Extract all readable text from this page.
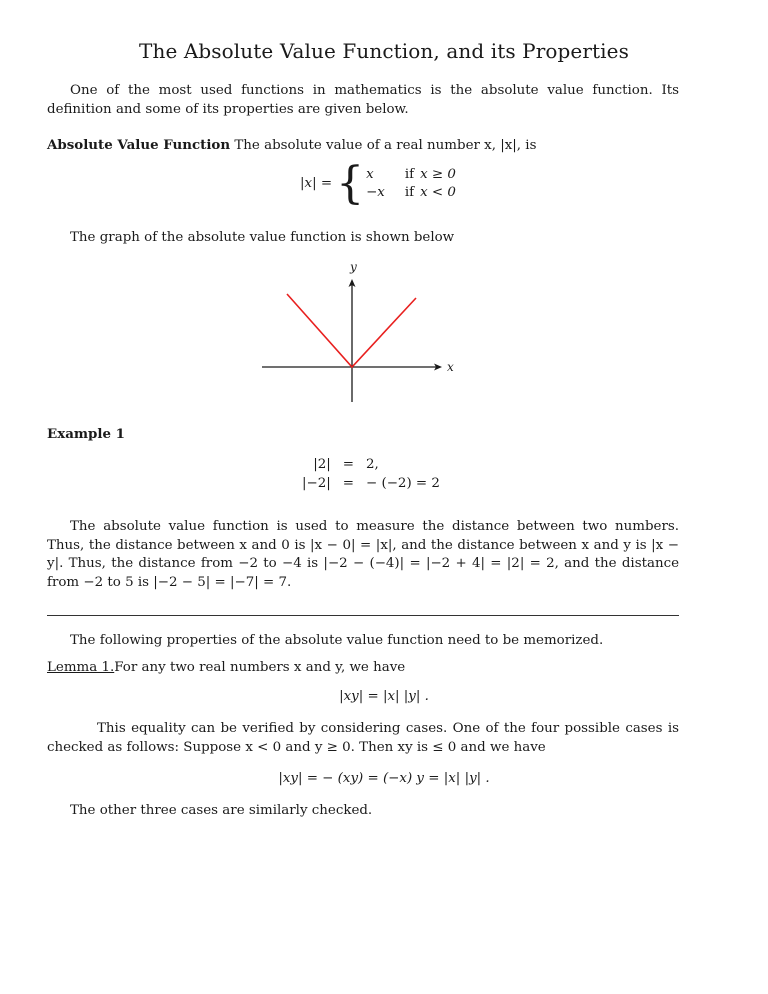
The Absolute Value Function, and its Properties
One of the most used functions in mathematics is the absolute value function. Its definition and some of its properties are given below.
Absolute Value Function The absolute value of a real number x, |x|, is
|x| = { x	if	x ≥ 0
−x	if	x < 0
The graph of the absolute value function is shown below
y
x
Example 1
|2|	=	2,
|−2|	=	− (−2) = 2
The absolute value function is used to measure the distance between two numbers. Thus, the distance between x and 0 is |x − 0| = |x|, and the distance between x and y is |x − y|. Thus, the distance from −2 to −4 is |−2 − (−4)| = |−2 + 4| = |2| = 2, and the distance from −2 to 5 is |−2 − 5| = |−7| = 7.
The following properties of the absolute value function need to be memorized.
Lemma 1.For any two real numbers x and y, we have
|xy| = |x| |y| .
This equality can be verified by considering cases. One of the four possible cases is checked as follows: Suppose x < 0 and y ≥ 0. Then xy is ≤ 0 and we have
|xy| = − (xy) = (−x) y = |x| |y| .
The other three cases are similarly checked.
